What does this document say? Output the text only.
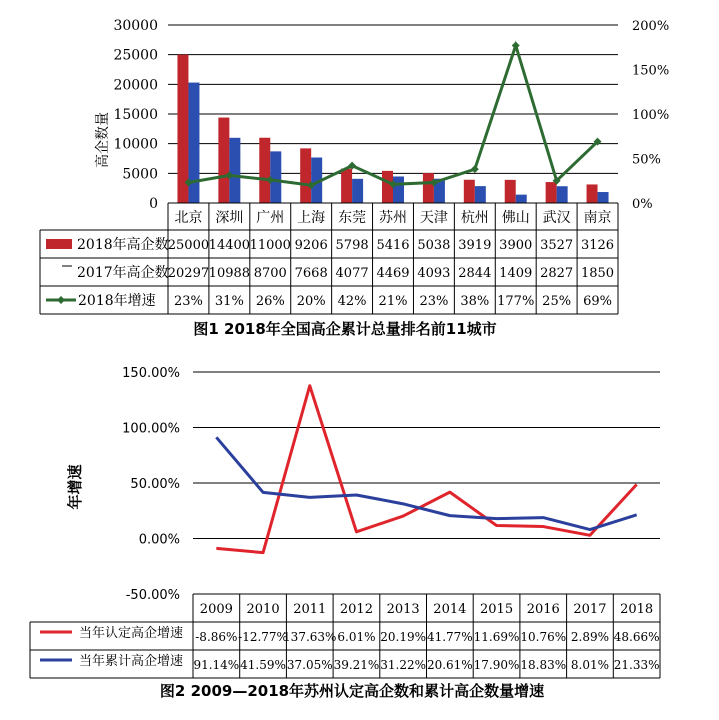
0
5000
10000
15000
20000
25000
30000
0%
50%
100%
150%
200%
高企数量
北京 深圳 广州 上海 东莞 苏州 天津 杭州 佛山 武汉 南京
2018年高企数
2017年高企数
2018年增速
25000 14400 11000 9206 5798 5416 5038 3919 3900 3527 3126
20297 10988 8700 7668 4077 4469 4093 2844 1409 2827 1850
23% 31% 26% 20% 42% 21% 23% 38% 177% 25% 69%
图1 2018年全国高企累计总量排名前11城市
-50.00%
0.00%
50.00%
100.00%
150.00%
年增速
2009 2010 2011 2012 2013 2014 2015 2016 2017 2018
当年认定高企增速 -8.86% -12.77%
137.63% 6.01% 20.19% 41.77% 11.69% 10.76% 2.89% 48.66%
当年累计高企增速 91.14% 41.59% 37.05% 39.21% 31.22% 20.61% 17.90% 18.83% 8.01% 21.33%
图2 2009—2018年苏州认定高企数和累计高企数量增速
